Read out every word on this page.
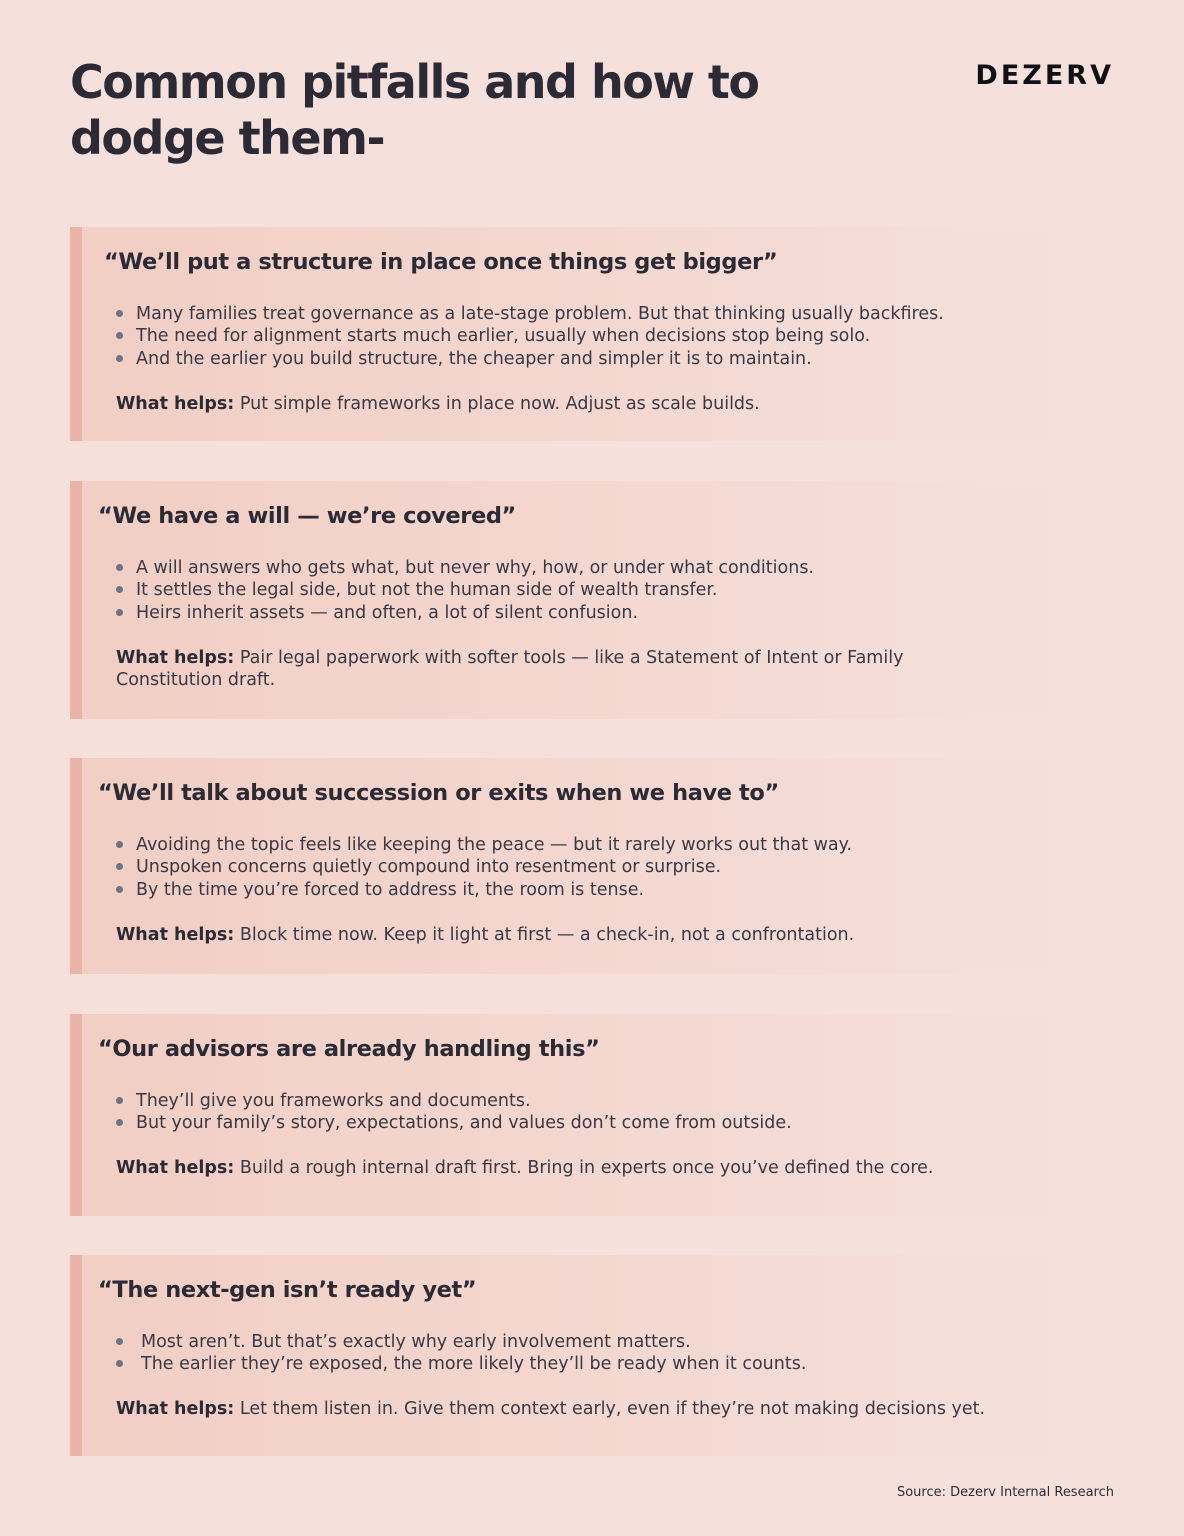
Common pitfalls and how to
dodge them-
DEZERV
“We’ll put a structure in place once things get bigger”
Many families treat governance as a late-stage problem. But that thinking usually backfires.
The need for alignment starts much earlier, usually when decisions stop being solo.
And the earlier you build structure, the cheaper and simpler it is to maintain.

What helps: Put simple frameworks in place now. Adjust as scale builds.

“We have a will — we’re covered”
A will answers who gets what, but never why, how, or under what conditions.
It settles the legal side, but not the human side of wealth transfer.
Heirs inherit assets — and often, a lot of silent confusion.

What helps: Pair legal paperwork with softer tools — like a Statement of Intent or Family Constitution draft.

“We’ll talk about succession or exits when we have to”
Avoiding the topic feels like keeping the peace — but it rarely works out that way.
Unspoken concerns quietly compound into resentment or surprise.
By the time you’re forced to address it, the room is tense.

What helps: Block time now. Keep it light at first — a check-in, not a confrontation.

“Our advisors are already handling this”
They’ll give you frameworks and documents.
But your family’s story, expectations, and values don’t come from outside.

What helps: Build a rough internal draft first. Bring in experts once you’ve defined the core.

“The next-gen isn’t ready yet”
Most aren’t. But that’s exactly why early involvement matters.
The earlier they’re exposed, the more likely they’ll be ready when it counts.

What helps: Let them listen in. Give them context early, even if they’re not making decisions yet.

Source: Dezerv Internal Research
